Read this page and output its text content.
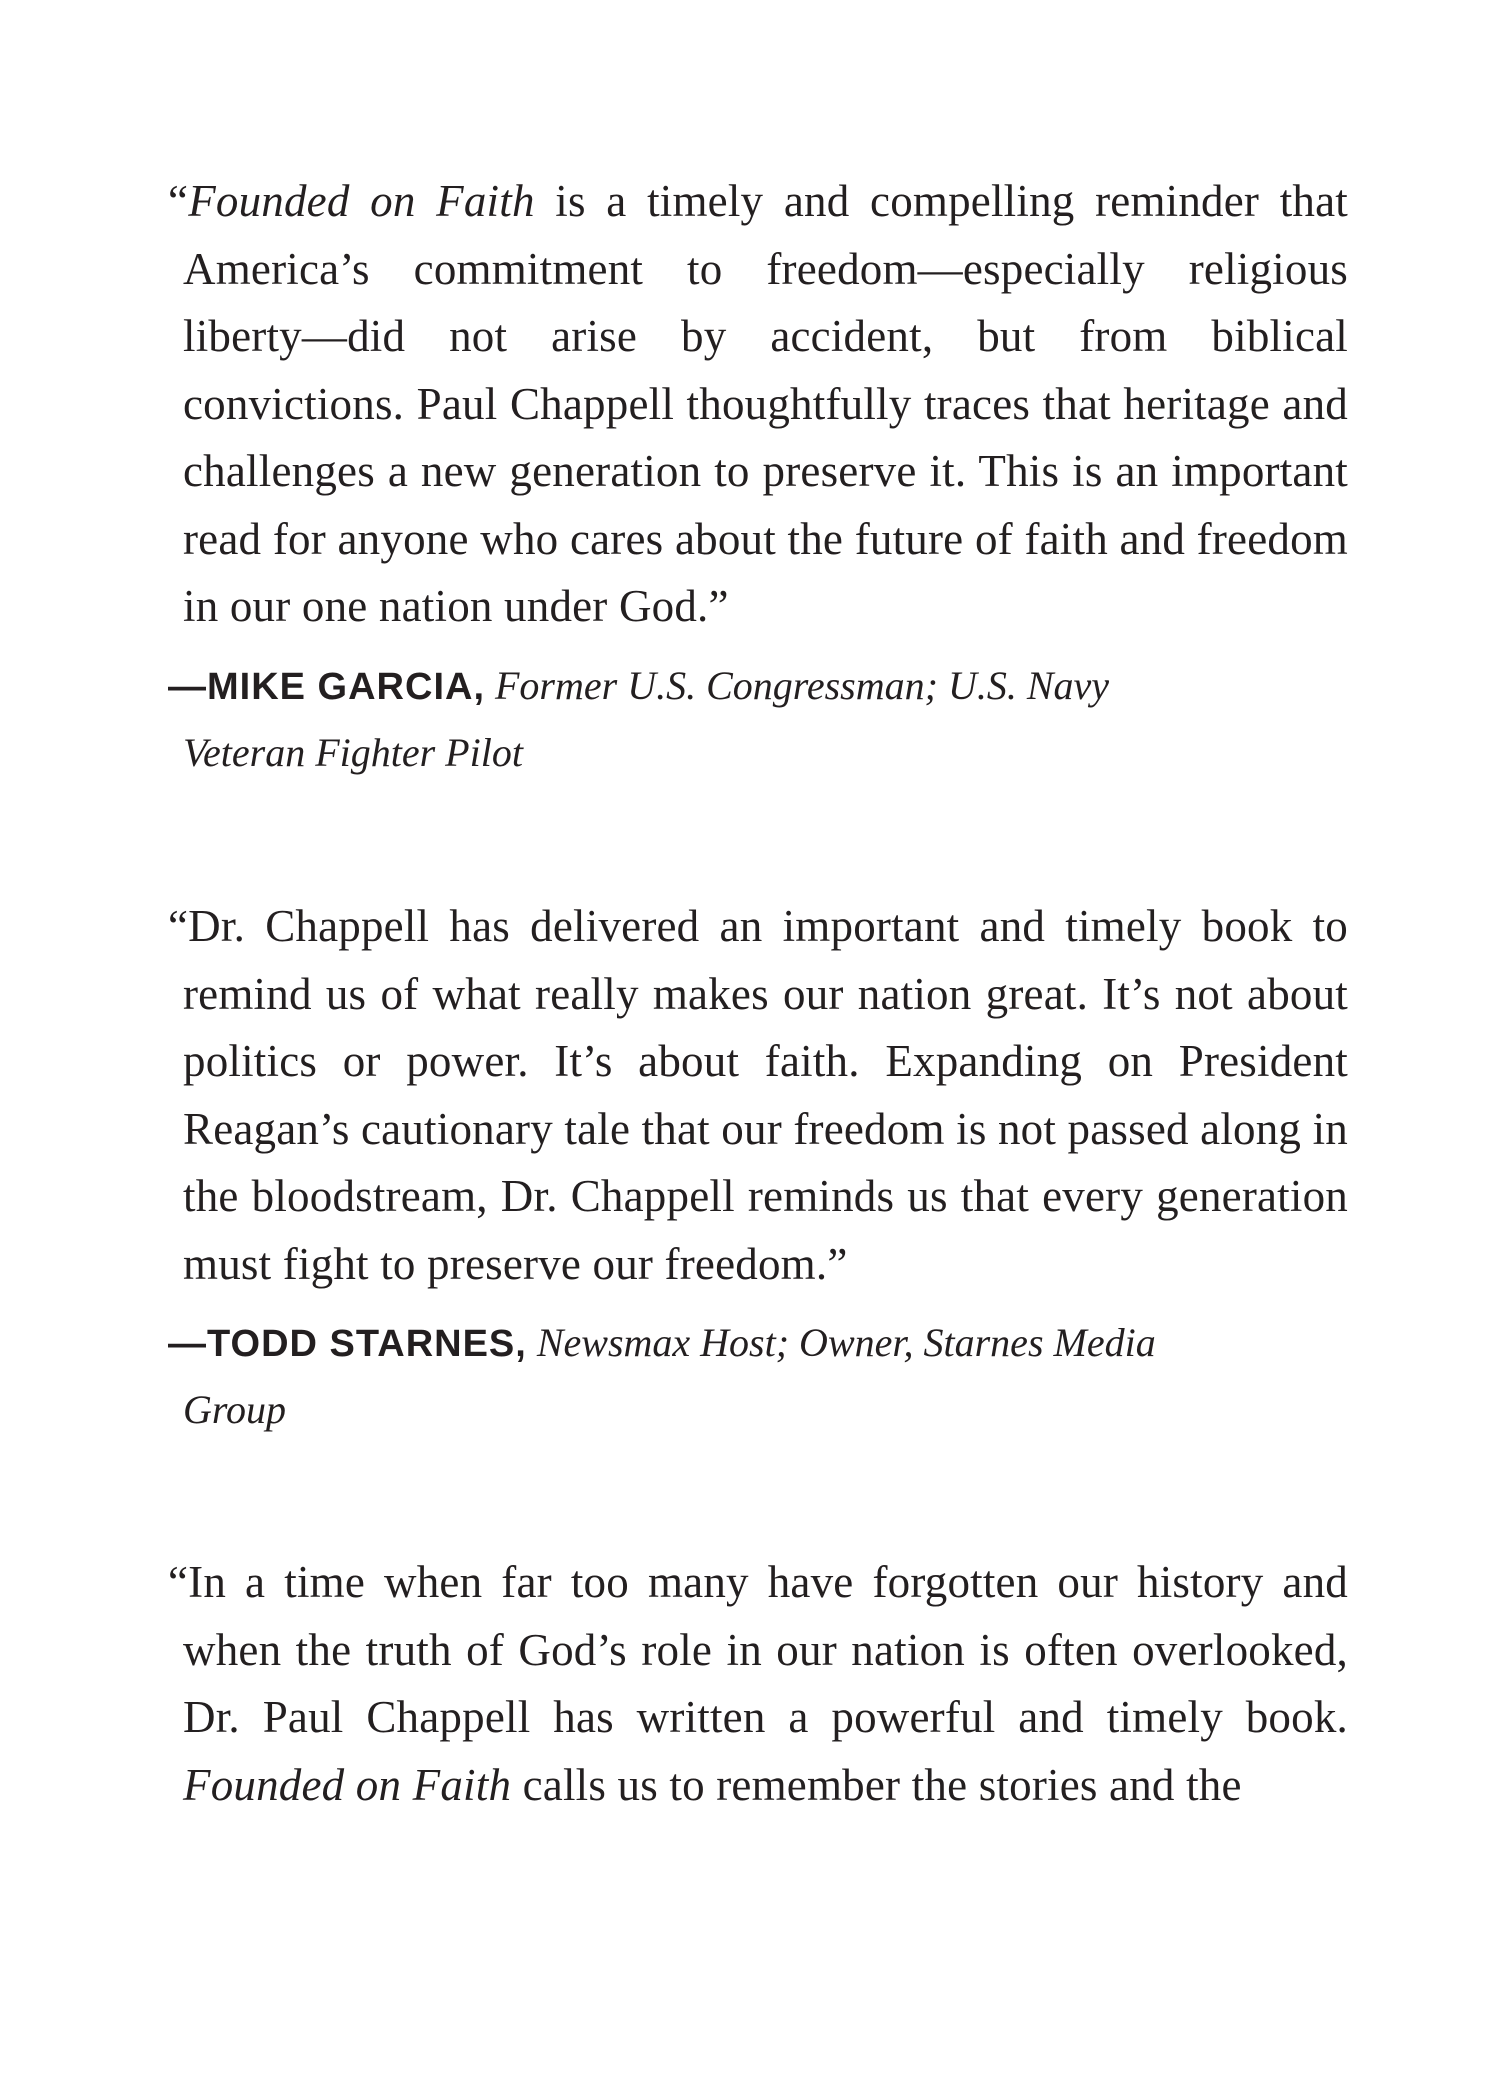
“Founded on Faith is a timely and compelling reminder that America’s commitment to freedom—especially religious liberty—did not arise by accident, but from biblical convictions. Paul Chappell thoughtfully traces that heritage and challenges a new generation to preserve it. This is an important read for anyone who cares about the future of faith and freedom in our one nation under God.”

—MIKE GARCIA, Former U.S. Congressman; U.S. Navy Veteran Fighter Pilot

“Dr. Chappell has delivered an important and timely book to remind us of what really makes our nation great. It’s not about politics or power. It’s about faith. Expanding on President Reagan’s cautionary tale that our freedom is not passed along in the bloodstream, Dr. Chappell reminds us that every generation must fight to preserve our freedom.”

—TODD STARNES, Newsmax Host; Owner, Starnes Media Group

“In a time when far too many have forgotten our history and when the truth of God’s role in our nation is often overlooked, Dr. Paul Chappell has written a powerful and timely book. Founded on Faith calls us to remember the stories and the
